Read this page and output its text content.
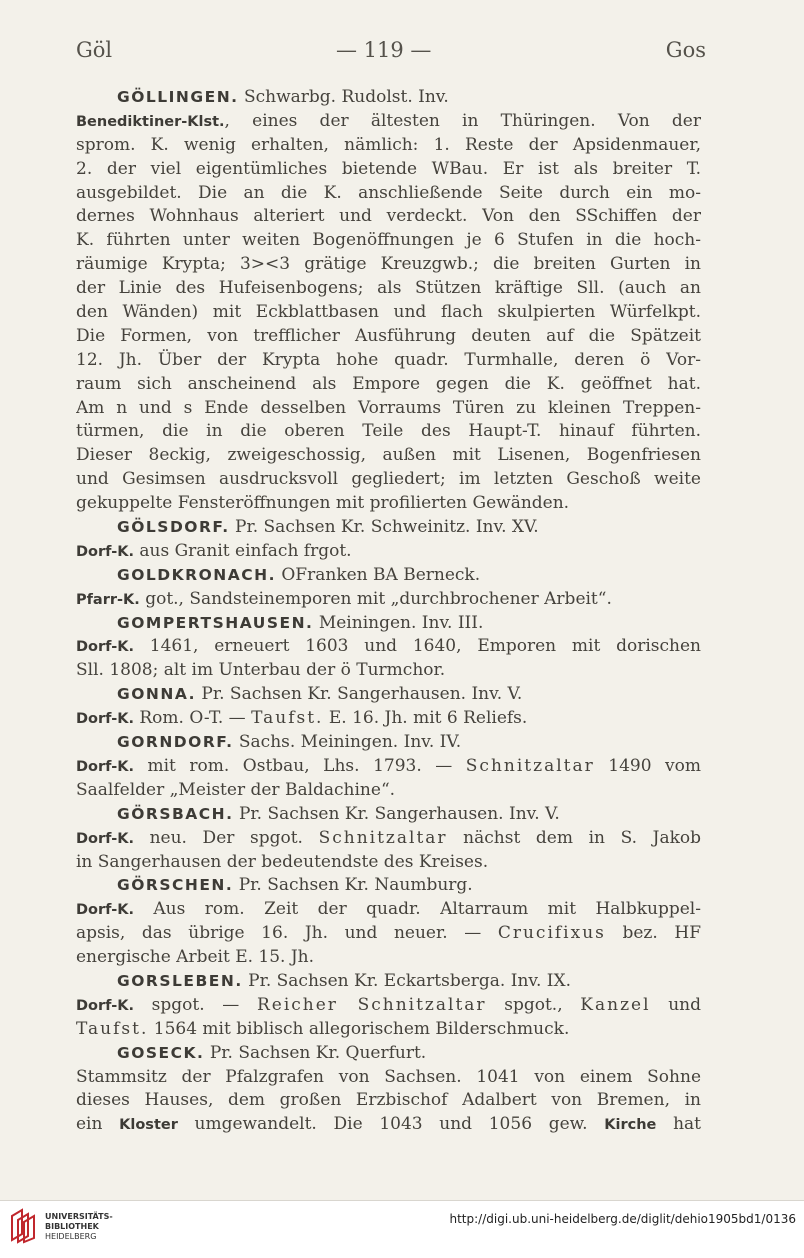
Göl	— 119 —	Gos
GÖLLINGEN. Schwarbg. Rudolst. Inv.
Benediktiner-Klst., eines der ältesten in Thüringen. Von der
sprom. K. wenig erhalten, nämlich: 1. Reste der Apsidenmauer,
2. der viel eigentümliches bietende WBau. Er ist als breiter T.
ausgebildet. Die an die K. anschließende Seite durch ein mo-
dernes Wohnhaus alteriert und verdeckt. Von den SSchiffen der
K. führten unter weiten Bogenöffnungen je 6 Stufen in die hoch-
räumige Krypta; 3><3 grätige Kreuzgwb.; die breiten Gurten in
der Linie des Hufeisenbogens; als Stützen kräftige Sll. (auch an
den Wänden) mit Eckblattbasen und flach skulpierten Würfelkpt.
Die Formen, von trefflicher Ausführung deuten auf die Spätzeit
12. Jh. Über der Krypta hohe quadr. Turmhalle, deren ö Vor-
raum sich anscheinend als Empore gegen die K. geöffnet hat.
Am n und s Ende desselben Vorraums Türen zu kleinen Treppen-
türmen, die in die oberen Teile des Haupt-T. hinauf führten.
Dieser 8eckig, zweigeschossig, außen mit Lisenen, Bogenfriesen
und Gesimsen ausdrucksvoll gegliedert; im letzten Geschoß weite
gekuppelte Fensteröffnungen mit profilierten Gewänden.
GÖLSDORF. Pr. Sachsen Kr. Schweinitz. Inv. XV.
Dorf-K. aus Granit einfach frgot.
GOLDKRONACH. OFranken BA Berneck.
Pfarr-K. got., Sandsteinemporen mit „durchbrochener Arbeit“.
GOMPERTSHAUSEN. Meiningen. Inv. III.
Dorf-K. 1461, erneuert 1603 und 1640, Emporen mit dorischen
Sll. 1808; alt im Unterbau der ö Turmchor.
GONNA. Pr. Sachsen Kr. Sangerhausen. Inv. V.
Dorf-K. Rom. O-T. — Taufst. E. 16. Jh. mit 6 Reliefs.
GORNDORF. Sachs. Meiningen. Inv. IV.
Dorf-K. mit rom. Ostbau, Lhs. 1793. — Schnitzaltar 1490 vom
Saalfelder „Meister der Baldachine“.
GÖRSBACH. Pr. Sachsen Kr. Sangerhausen. Inv. V.
Dorf-K. neu. Der spgot. Schnitzaltar nächst dem in S. Jakob
in Sangerhausen der bedeutendste des Kreises.
GÖRSCHEN. Pr. Sachsen Kr. Naumburg.
Dorf-K. Aus rom. Zeit der quadr. Altarraum mit Halbkuppel-
apsis, das übrige 16. Jh. und neuer. — Crucifixus bez. HF
energische Arbeit E. 15. Jh.
GORSLEBEN. Pr. Sachsen Kr. Eckartsberga. Inv. IX.
Dorf-K. spgot. — Reicher Schnitzaltar spgot., Kanzel und
Taufst. 1564 mit biblisch allegorischem Bilderschmuck.
GOSECK. Pr. Sachsen Kr. Querfurt.
Stammsitz der Pfalzgrafen von Sachsen. 1041 von einem Sohne
dieses Hauses, dem großen Erzbischof Adalbert von Bremen, in
ein Kloster umgewandelt. Die 1043 und 1056 gew. Kirche hat
UNIVERSITÄTS-
BIBLIOTHEK
HEIDELBERG
http://digi.ub.uni-heidelberg.de/diglit/dehio1905bd1/0136
